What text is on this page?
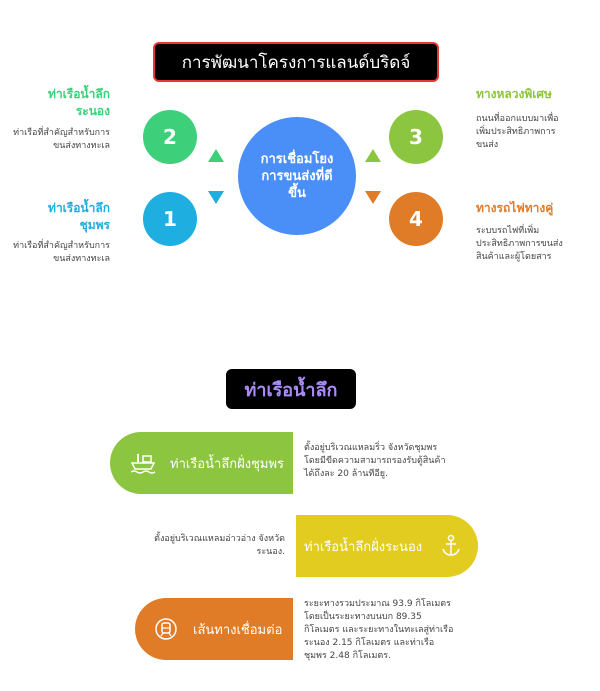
การพัฒนาโครงการแลนด์บริดจ์
การเชื่อมโยงการขนส่งที่ดีขึ้น
2
1
3
4
ท่าเรือน้ำลึกระนอง
ท่าเรือที่สำคัญสำหรับการขนส่งทางทะเล
ท่าเรือน้ำลึกชุมพร
ท่าเรือที่สำคัญสำหรับการขนส่งทางทะเล
ทางหลวงพิเศษ
ถนนที่ออกแบบมาเพื่อเพิ่มประสิทธิภาพการขนส่ง
ทางรถไฟทางคู่
ระบบรถไฟที่เพิ่มประสิทธิภาพการขนส่งสินค้าและผู้โดยสาร
ท่าเรือน้ำลึก
ท่าเรือน้ำลึกฝั่งชุมพร
ตั้งอยู่บริเวณแหลมริ่ว จังหวัดชุมพร โดยมีขีดความสามารถรองรับตู้สินค้าได้ถึงละ 20 ล้านทีอียู.
ท่าเรือน้ำลึกฝั่งระนอง
ตั้งอยู่บริเวณแหลมอ่าวอ่าง จังหวัดระนอง.
เส้นทางเชื่อมต่อ
ระยะทางรวมประมาณ 93.9 กิโลเมตร โดยเป็นระยะทางบนบก 89.35 กิโลเมตร และระยะทางในทะเลสู่ท่าเรือระนอง 2.15 กิโลเมตร และท่าเรือชุมพร 2.48 กิโลเมตร.
